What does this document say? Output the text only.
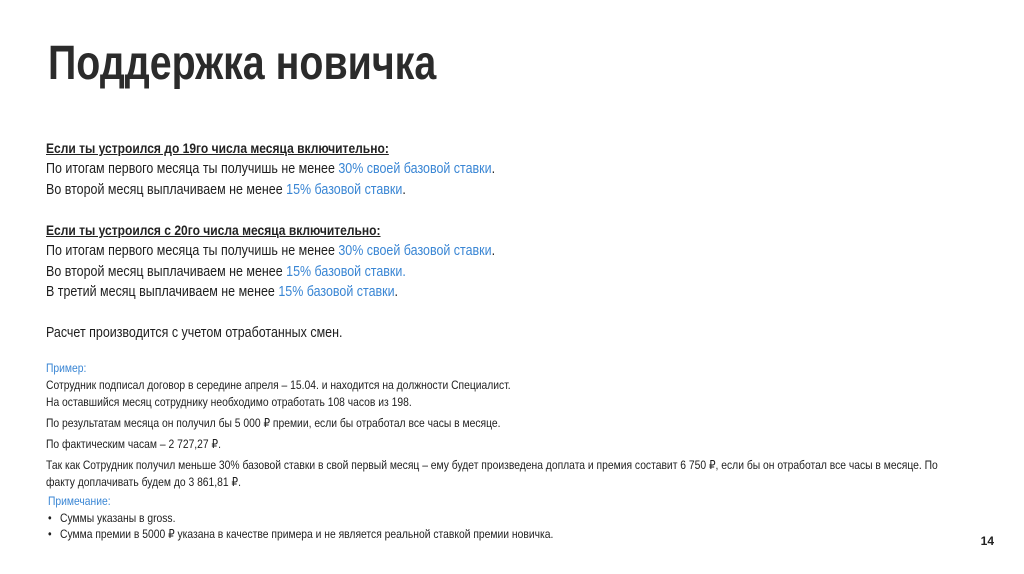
Поддержка новичка
Если ты устроился до 19го числа месяца включительно:
По итогам первого месяца ты получишь не менее 30% своей базовой ставки.
Во второй месяц выплачиваем не менее 15% базовой ставки.
Если ты устроился с 20го числа месяца включительно:
По итогам первого месяца ты получишь не менее 30% своей базовой ставки.
Во второй месяц выплачиваем не менее 15% базовой ставки.
В третий месяц выплачиваем не менее 15% базовой ставки.
Расчет производится с учетом отработанных смен.
Пример:
Сотрудник подписал договор в середине апреля – 15.04. и находится на должности Специалист.
На оставшийся месяц сотруднику необходимо отработать 108 часов из 198.
По результатам месяца он получил бы 5 000 ₽ премии, если бы отработал все часы в месяце.
По фактическим часам – 2 727,27 ₽.
Так как Сотрудник получил меньше 30% базовой ставки в свой первый месяц – ему будет произведена доплата и премия составит 6 750 ₽, если бы он отработал все часы в месяце. По
факту доплачивать будем до 3 861,81 ₽.
Примечание:
• Суммы указаны в gross.
• Сумма премии в 5000 ₽ указана в качестве примера и не является реальной ставкой премии новичка.	14
